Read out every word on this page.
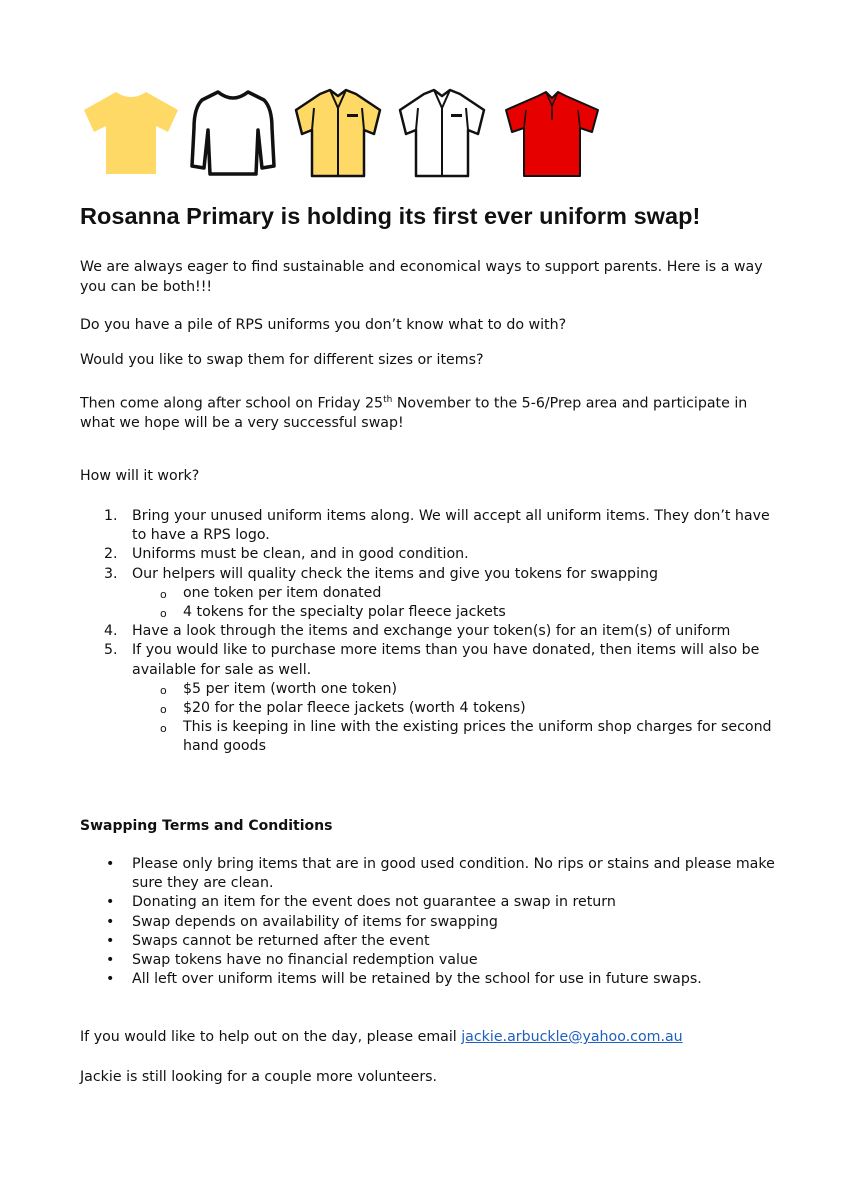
Rosanna Primary is holding its first ever uniform swap!

We are always eager to find sustainable and economical ways to support parents. Here is a way you can be both!!!

Do you have a pile of RPS uniforms you don’t know what to do with?

Would you like to swap them for different sizes or items?

Then come along after school on Friday 25th November to the 5-6/Prep area and participate in what we hope will be a very successful swap!

How will it work?

1. Bring your unused uniform items along. We will accept all uniform items. They don’t have to have a RPS logo.
2. Uniforms must be clean, and in good condition.
3. Our helpers will quality check the items and give you tokens for swapping
o one token per item donated
o 4 tokens for the specialty polar fleece jackets
4. Have a look through the items and exchange your token(s) for an item(s) of uniform
5. If you would like to purchase more items than you have donated, then items will also be available for sale as well.
o $5 per item (worth one token)
o $20 for the polar fleece jackets (worth 4 tokens)
o This is keeping in line with the existing prices the uniform shop charges for second hand goods

Swapping Terms and Conditions

• Please only bring items that are in good used condition. No rips or stains and please make sure they are clean.
• Donating an item for the event does not guarantee a swap in return
• Swap depends on availability of items for swapping
• Swaps cannot be returned after the event
• Swap tokens have no financial redemption value
• All left over uniform items will be retained by the school for use in future swaps.

If you would like to help out on the day, please email jackie.arbuckle@yahoo.com.au

Jackie is still looking for a couple more volunteers.
